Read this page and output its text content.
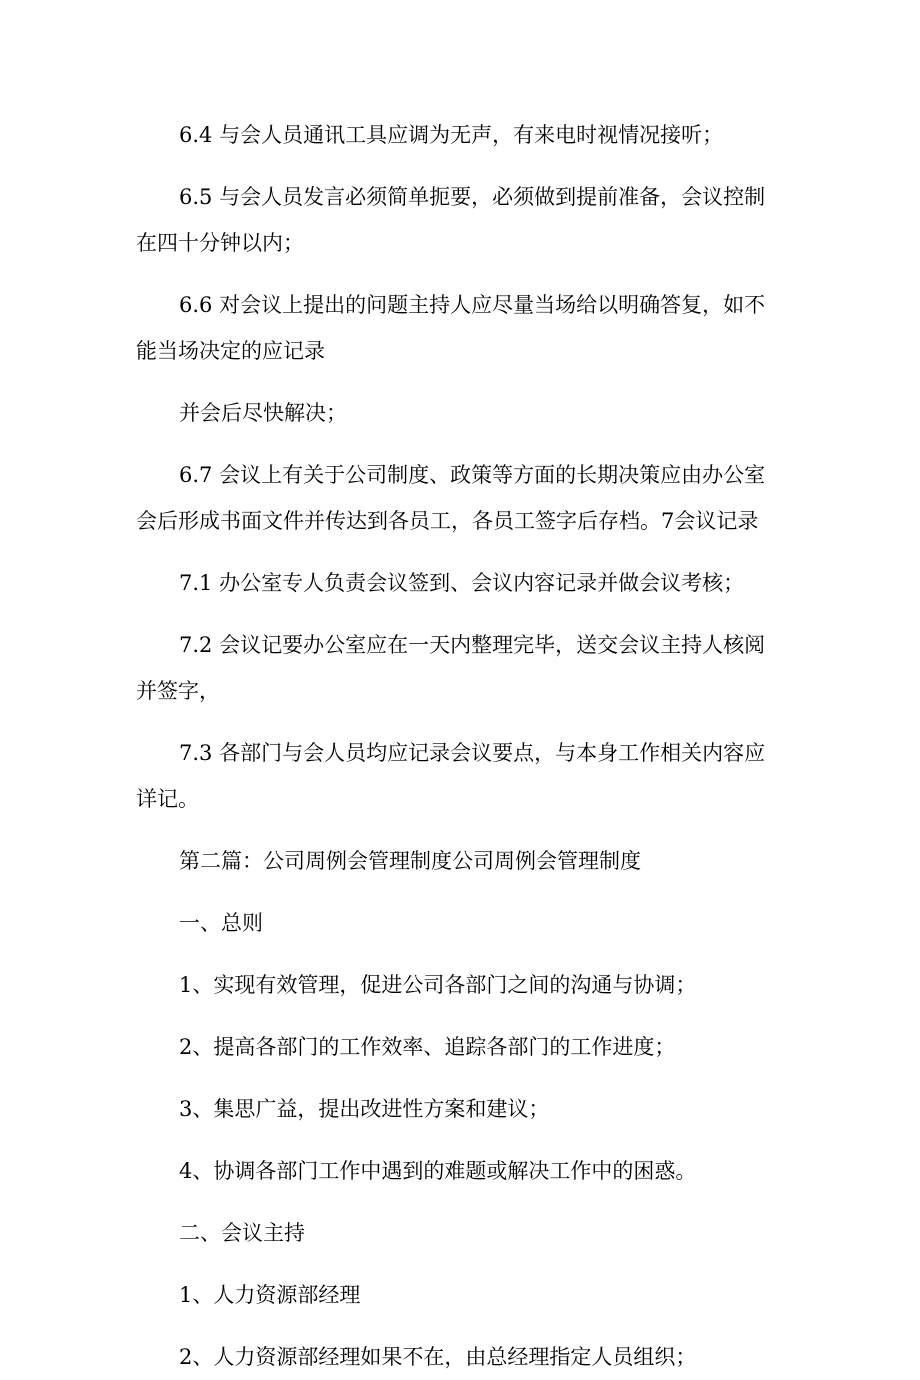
6.4 与会人员通讯工具应调为无声，有来电时视情况接听；
6.5 与会人员发言必须简单扼要，必须做到提前准备，会议控制
在四十分钟以内；
6.6 对会议上提出的问题主持人应尽量当场给以明确答复，如不
能当场决定的应记录
并会后尽快解决；
6.7 会议上有关于公司制度、政策等方面的长期决策应由办公室
会后形成书面文件并传达到各员工，各员工签字后存档。7会议记录
7.1 办公室专人负责会议签到、会议内容记录并做会议考核；
7.2 会议记要办公室应在一天内整理完毕，送交会议主持人核阅
并签字，
7.3 各部门与会人员均应记录会议要点，与本身工作相关内容应
详记。
第二篇：公司周例会管理制度公司周例会管理制度
一、总则
1、实现有效管理，促进公司各部门之间的沟通与协调；
2、提高各部门的工作效率、追踪各部门的工作进度；
3、集思广益，提出改进性方案和建议；
4、协调各部门工作中遇到的难题或解决工作中的困惑。
二、会议主持
1、人力资源部经理
2、人力资源部经理如果不在，由总经理指定人员组织；
